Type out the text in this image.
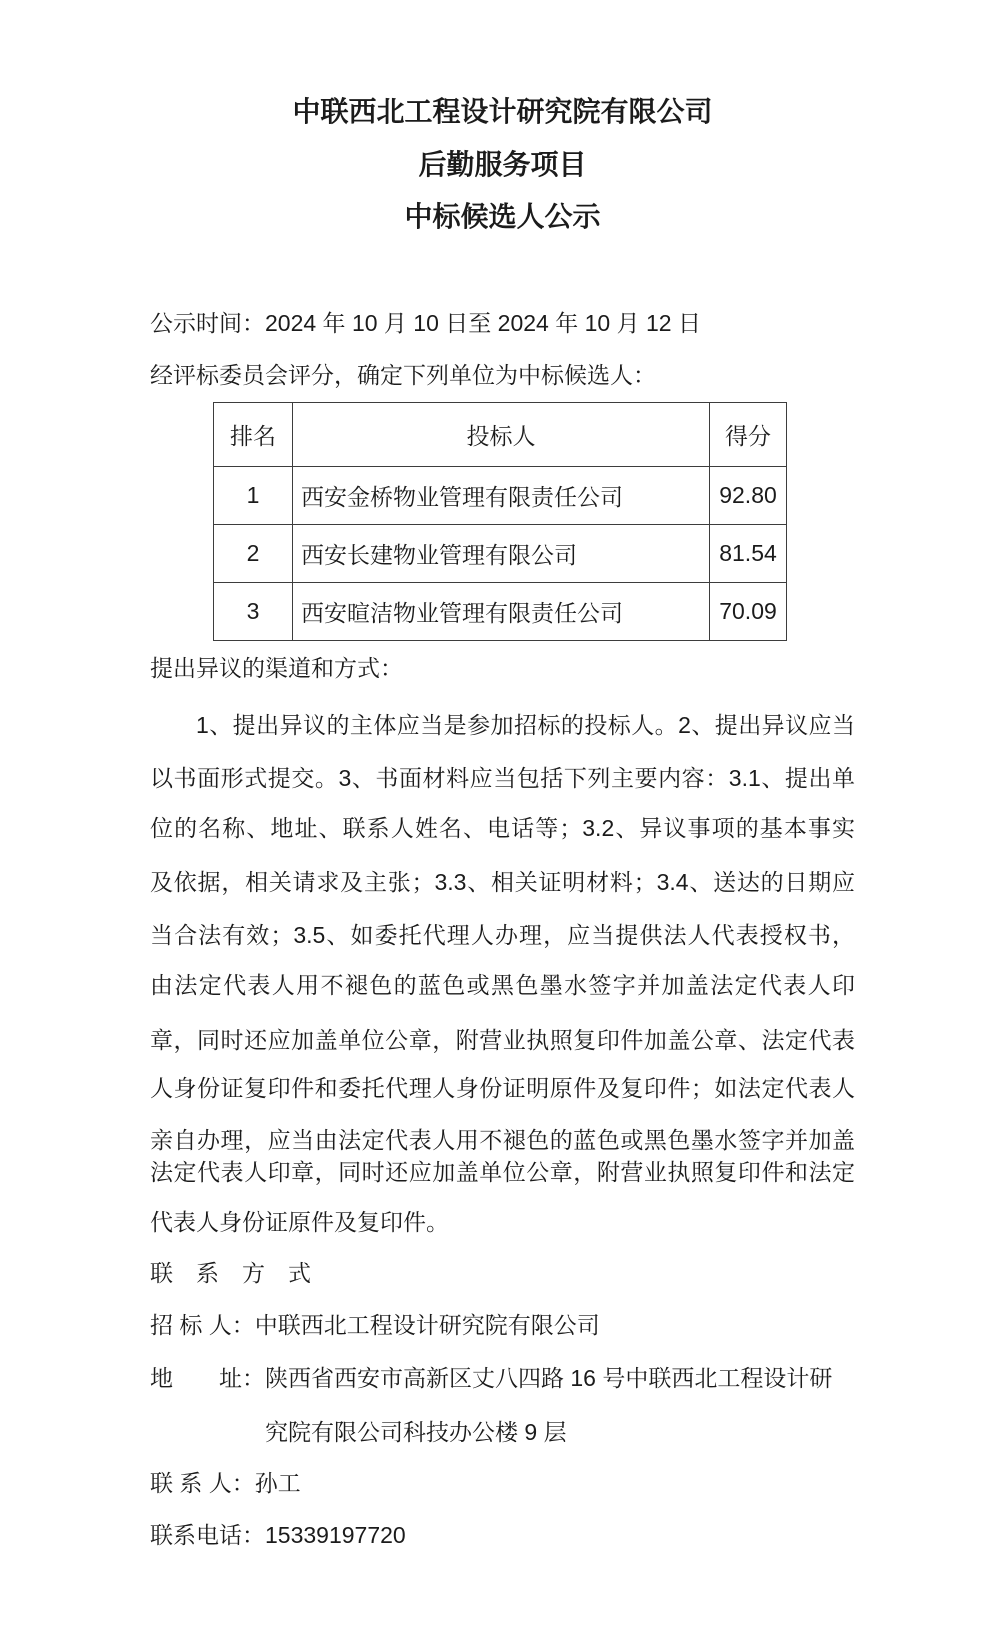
中联西北工程设计研究院有限公司
后勤服务项目
中标候选人公示
公示时间：2024 年 10 月 10 日至 2024 年 10 月 12 日
经评标委员会评分，确定下列单位为中标候选人：
排名	投标人	得分
1	西安金桥物业管理有限责任公司	92.80
2	西安长建物业管理有限公司	81.54
3	西安暄洁物业管理有限责任公司	70.09
提出异议的渠道和方式：
1、提出异议的主体应当是参加招标的投标人。2、提出异议应当
以书面形式提交。3、书面材料应当包括下列主要内容：3.1、提出单
位的名称、地址、联系人姓名、电话等；3.2、异议事项的基本事实
及依据，相关请求及主张；3.3、相关证明材料；3.4、送达的日期应
当合法有效；3.5、如委托代理人办理，应当提供法人代表授权书，
由法定代表人用不褪色的蓝色或黑色墨水签字并加盖法定代表人印
章，同时还应加盖单位公章，附营业执照复印件加盖公章、法定代表
人身份证复印件和委托代理人身份证明原件及复印件；如法定代表人
亲自办理，应当由法定代表人用不褪色的蓝色或黑色墨水签字并加盖
法定代表人印章，同时还应加盖单位公章，附营业执照复印件和法定
代表人身份证原件及复印件。
联　系　方　式
招 标 人：中联西北工程设计研究院有限公司
地　　址：陕西省西安市高新区丈八四路 16 号中联西北工程设计研
究院有限公司科技办公楼 9 层
联 系 人：孙工
联系电话：15339197720
